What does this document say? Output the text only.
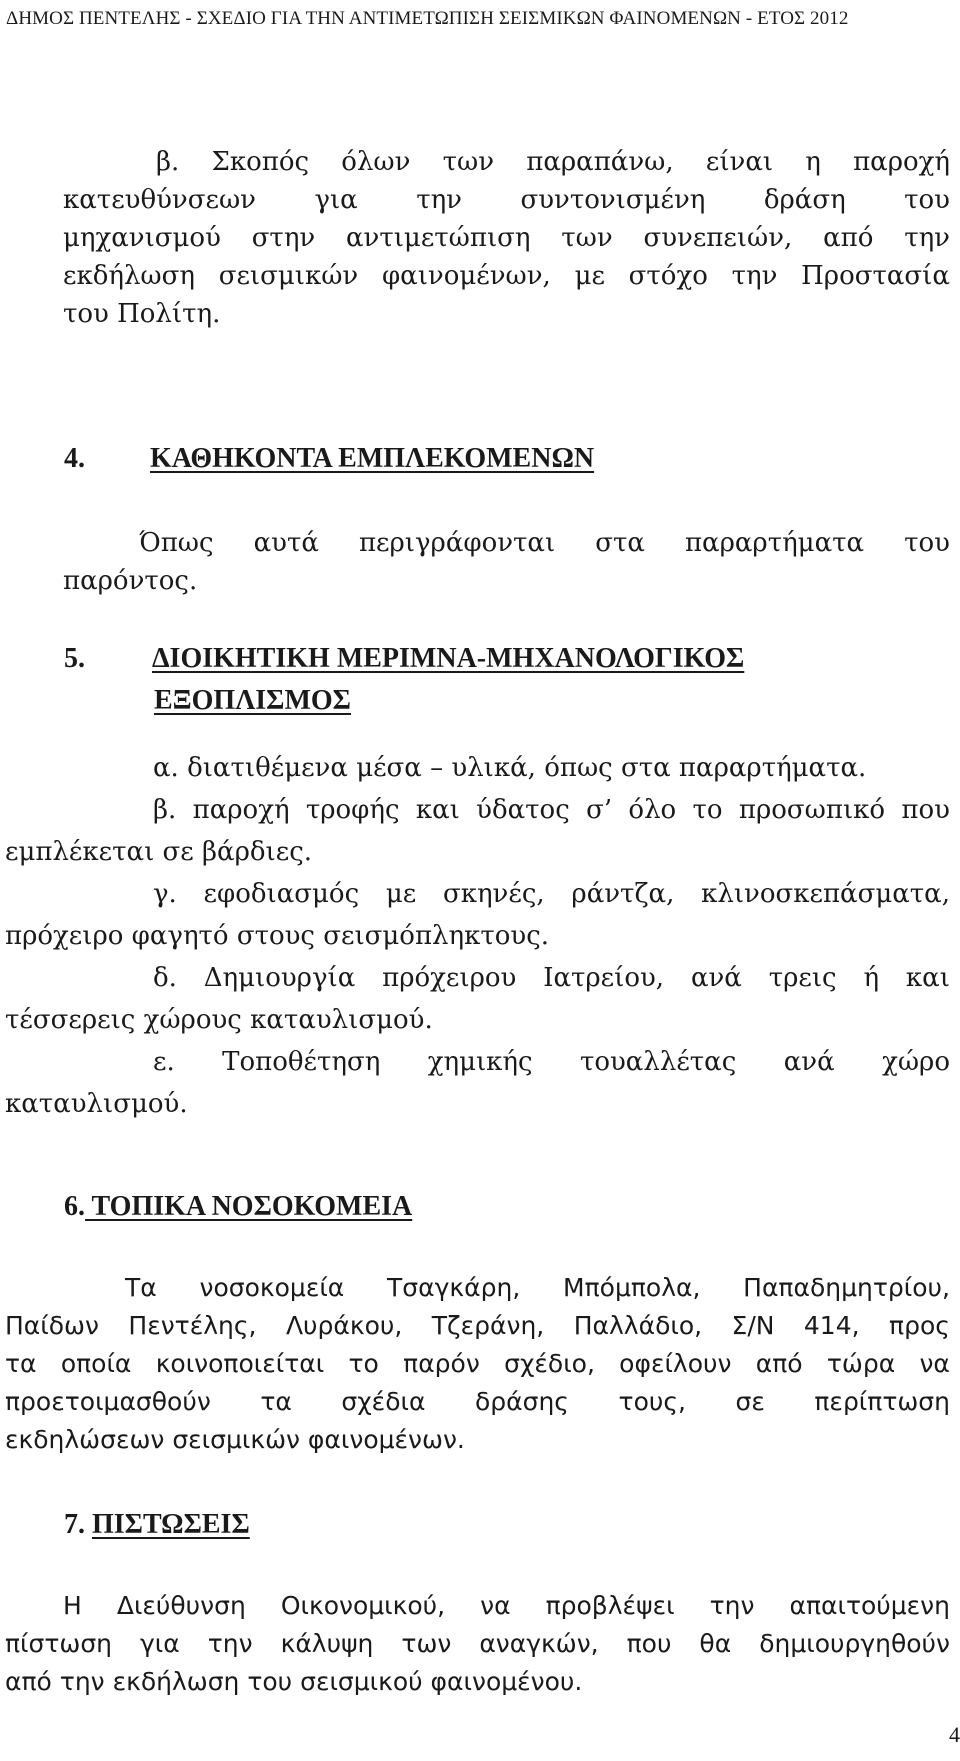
ΔΗΜΟΣ ΠΕΝΤΕΛΗΣ - ΣΧΕΔΙΟ ΓΙΑ ΤΗΝ ΑΝΤΙΜΕΤΩΠΙΣΗ ΣΕΙΣΜΙΚΩΝ ΦΑΙΝΟΜΕΝΩΝ - ΕΤΟΣ 2012
β. Σκοπός όλων των παραπάνω, είναι η παροχή
κατευθύνσεων για την συντονισμένη δράση του
μηχανισμού στην αντιμετώπιση των συνεπειών, από την
εκδήλωση σεισμικών φαινομένων, με στόχο την Προστασία
του Πολίτη.
4. ΚΑΘΗΚΟΝΤΑ ΕΜΠΛΕΚΟΜΕΝΩΝ
Όπως αυτά περιγράφονται στα παραρτήματα του
παρόντος.
5. ΔΙΟΙΚΗΤΙΚΗ ΜΕΡΙΜΝΑ-ΜΗΧΑΝΟΛΟΓΙΚΟΣ
ΕΞΟΠΛΙΣΜΟΣ
α. διατιθέμενα μέσα – υλικά, όπως στα παραρτήματα.
β. παροχή τροφής και ύδατος σ’ όλο το προσωπικό που
εμπλέκεται σε βάρδιες.
γ. εφοδιασμός με σκηνές, ράντζα, κλινοσκεπάσματα,
πρόχειρο φαγητό στους σεισμόπληκτους.
δ. Δημιουργία πρόχειρου Ιατρείου, ανά τρεις ή και
τέσσερεις χώρους καταυλισμού.
ε. Τοποθέτηση χημικής τουαλλέτας ανά χώρο
καταυλισμού.
6. ΤΟΠΙΚΑ ΝΟΣΟΚΟΜΕΙΑ
Τα νοσοκομεία Τσαγκάρη, Μπόμπολα, Παπαδημητρίου,
Παίδων Πεντέλης, Λυράκου, Τζεράνη, Παλλάδιο, Σ/Ν 414, προς
τα οποία κοινοποιείται το παρόν σχέδιο, οφείλουν από τώρα να
προετοιμασθούν τα σχέδια δράσης τους, σε περίπτωση
εκδηλώσεων σεισμικών φαινομένων.
7. ΠΙΣΤΩΣΕΙΣ
Η Διεύθυνση Οικονομικού, να προβλέψει την απαιτούμενη
πίστωση για την κάλυψη των αναγκών, που θα δημιουργηθούν
από την εκδήλωση του σεισμικού φαινομένου.
4
